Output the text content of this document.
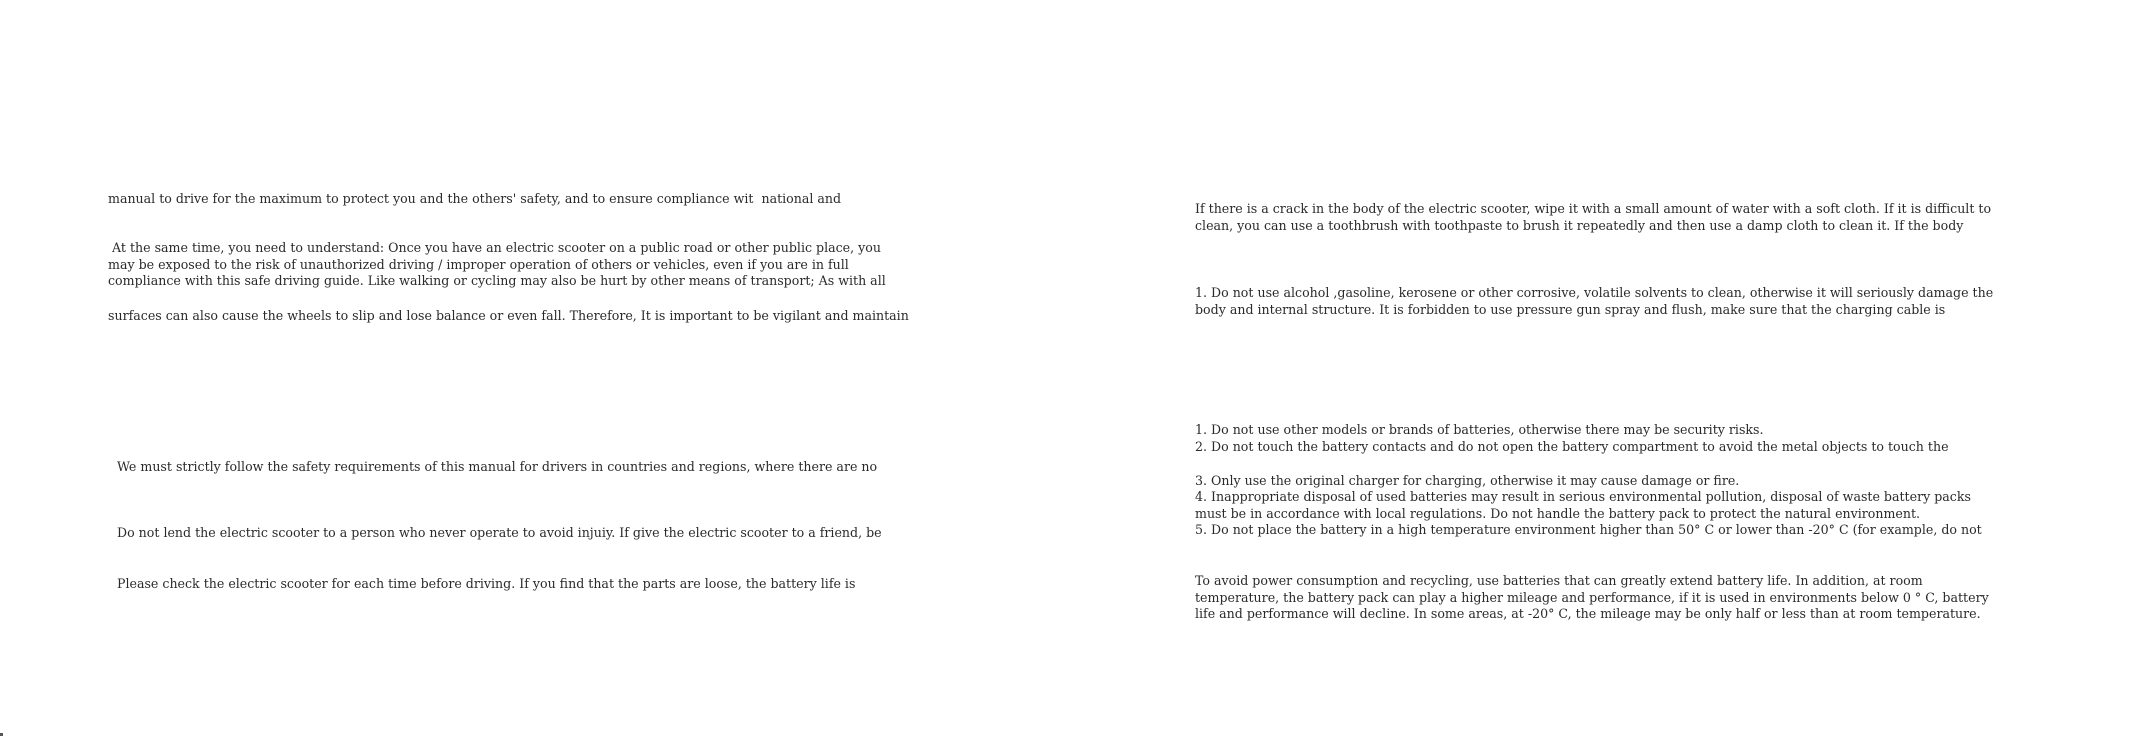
manual to drive for the maximum to protect you and the others' safety, and to ensure compliance wit  national and
At the same time, you need to understand: Once you have an electric scooter on a public road or other public place, you
may be exposed to the risk of unauthorized driving / improper operation of others or vehicles, even if you are in full
compliance with this safe driving guide. Like walking or cycling may also be hurt by other means of transport; As with all
surfaces can also cause the wheels to slip and lose balance or even fall. Therefore, It is important to be vigilant and maintain
We must strictly follow the safety requirements of this manual for drivers in countries and regions, where there are no
Do not lend the electric scooter to a person who never operate to avoid injuiy. If give the electric scooter to a friend, be
Please check the electric scooter for each time before driving. If you find that the parts are loose, the battery life is
If there is a crack in the body of the electric scooter, wipe it with a small amount of water with a soft cloth. If it is difficult to
clean, you can use a toothbrush with toothpaste to brush it repeatedly and then use a damp cloth to clean it. If the body
1. Do not use alcohol ,gasoline, kerosene or other corrosive, volatile solvents to clean, otherwise it will seriously damage the
body and internal structure. It is forbidden to use pressure gun spray and flush, make sure that the charging cable is
1. Do not use other models or brands of batteries, otherwise there may be security risks.
2. Do not touch the battery contacts and do not open the battery compartment to avoid the metal objects to touch the
3. Only use the original charger for charging, otherwise it may cause damage or fire.
4. Inappropriate disposal of used batteries may result in serious environmental pollution, disposal of waste battery packs
must be in accordance with local regulations. Do not handle the battery pack to protect the natural environment.
5. Do not place the battery in a high temperature environment higher than 50° C or lower than -20° C (for example, do not
To avoid power consumption and recycling, use batteries that can greatly extend battery life. In addition, at room
temperature, the battery pack can play a higher mileage and performance, if it is used in environments below 0 ° C, battery
life and performance will decline. In some areas, at -20° C, the mileage may be only half or less than at room temperature.
